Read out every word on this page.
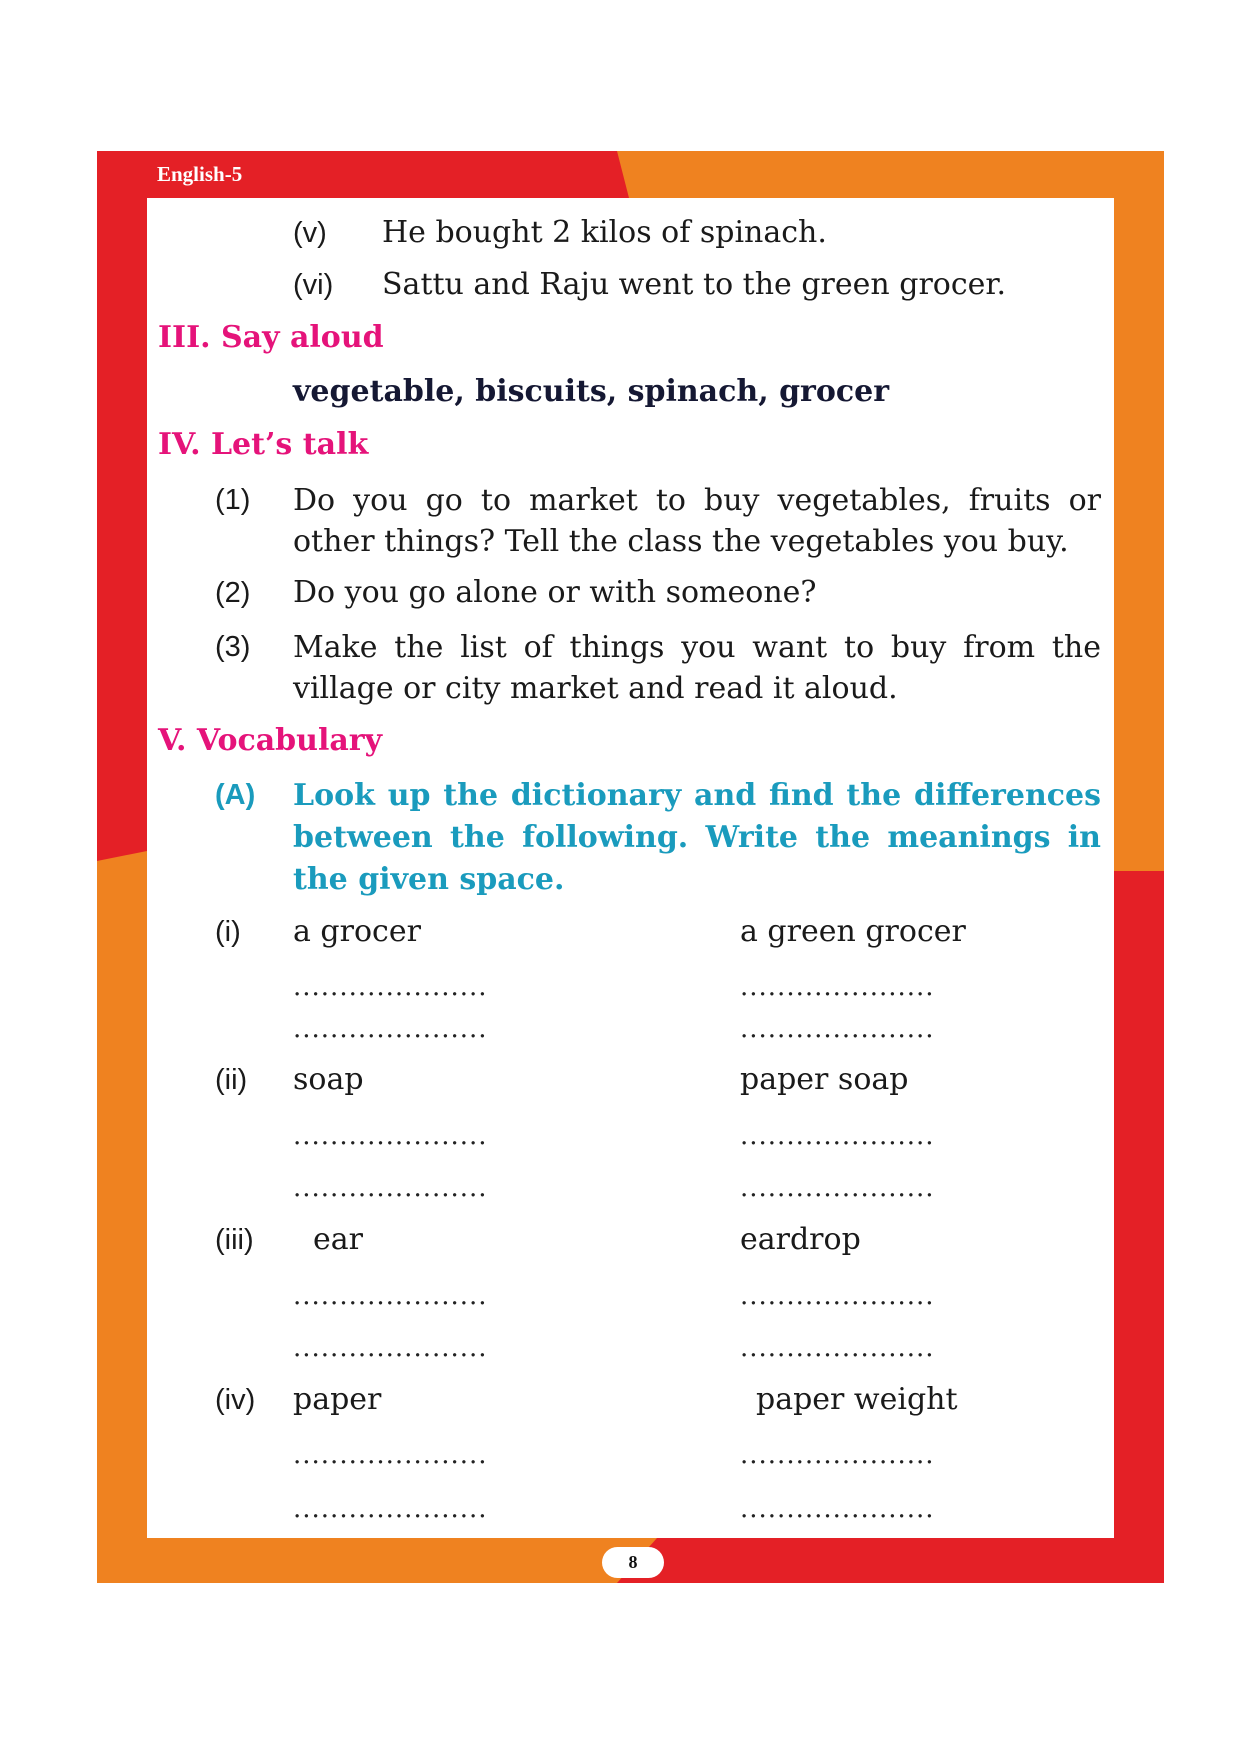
English-5
8
(v) He bought 2 kilos of spinach.
(vi) Sattu and Raju went to the green grocer.
III. Say aloud
vegetable, biscuits, spinach, grocer
IV. Let’s talk
(1) Do you go to market to buy vegetables, fruits or other things? Tell the class the vegetables you buy.
(2) Do you go alone or with someone?
(3) Make the list of things you want to buy from the village or city market and read it aloud.
V. Vocabulary
(A) Look up the dictionary and find the differences between the following. Write the meanings in the given space.
(i) a grocer	a green grocer
.....................	.....................
.....................	.....................
(ii) soap	paper soap
.....................	.....................
.....................	.....................
(iii) ear	eardrop
.....................	.....................
.....................	.....................
(iv) paper	paper weight
.....................	.....................
.....................	.....................
